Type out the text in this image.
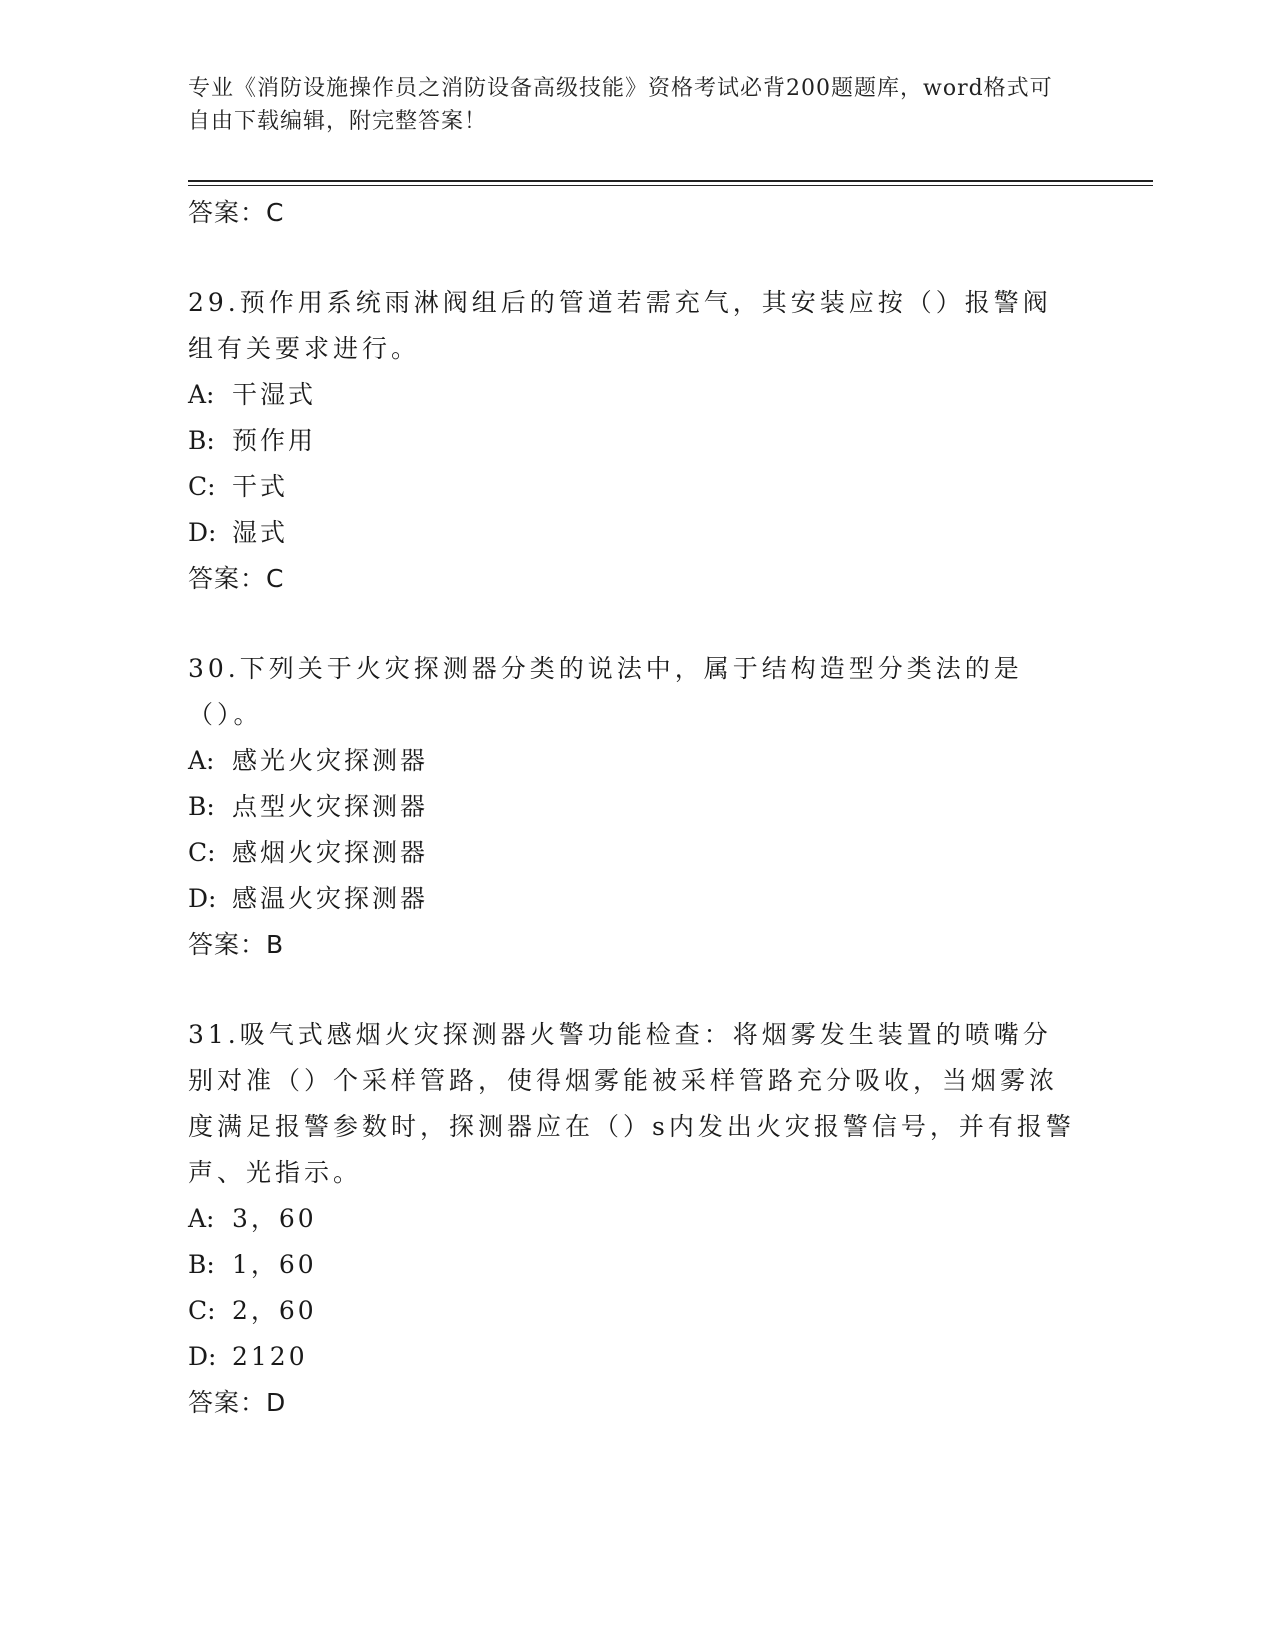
专业《消防设施操作员之消防设备高级技能》资格考试必背200题题库，word格式可自由下载编辑，附完整答案！

答案：C

29.预作用系统雨淋阀组后的管道若需充气，其安装应按（）报警阀组有关要求进行。

A: 干湿式

B: 预作用

C: 干式

D: 湿式

答案：C

30.下列关于火灾探测器分类的说法中，属于结构造型分类法的是（）。

A: 感光火灾探测器

B: 点型火灾探测器

C: 感烟火灾探测器

D: 感温火灾探测器

答案：B

31.吸气式感烟火灾探测器火警功能检查：将烟雾发生装置的喷嘴分别对准（）个采样管路，使得烟雾能被采样管路充分吸收，当烟雾浓度满足报警参数时，探测器应在（）s内发出火灾报警信号，并有报警声、光指示。

A: 3，60

B: 1，60

C: 2，60

D: 2120

答案：D
